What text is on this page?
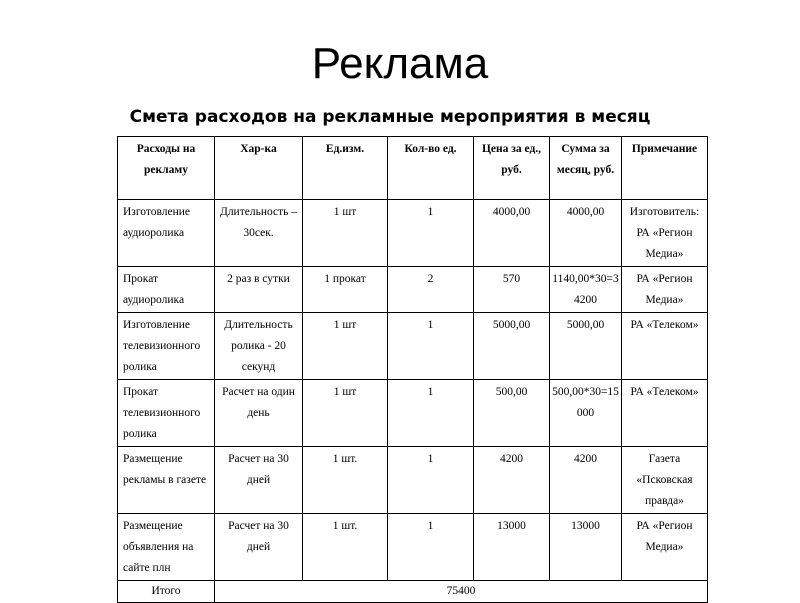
Реклама
Смета расходов на рекламные мероприятия в месяц
Расходы на рекламу	Хар-ка	Ед.изм.	Кол-во ед.	Цена за ед., руб.	Сумма за месяц, руб.	Примечание
Изготовление аудиоролика	Длительность – 30сек.	1 шт	1	4000,00	4000,00	Изготовитель: РА «Регион Медиа»
Прокат аудиоролика	2 раз в сутки	1 прокат	2	570	1140,00*30=34200	РА «Регион Медиа»
Изготовление телевизионного ролика	Длительность ролика - 20 секунд	1 шт	1	5000,00	5000,00	РА «Телеком»
Прокат телевизионного ролика	Расчет на один день	1 шт	1	500,00	500,00*30=15000	РА «Телеком»
Размещение рекламы в газете	Расчет на 30 дней	1 шт.	1	4200	4200	Газета «Псковская правда»
Размещение объявления на сайте плн	Расчет на 30 дней	1 шт.	1	13000	13000	РА «Регион Медиа»
Итого	75400					
